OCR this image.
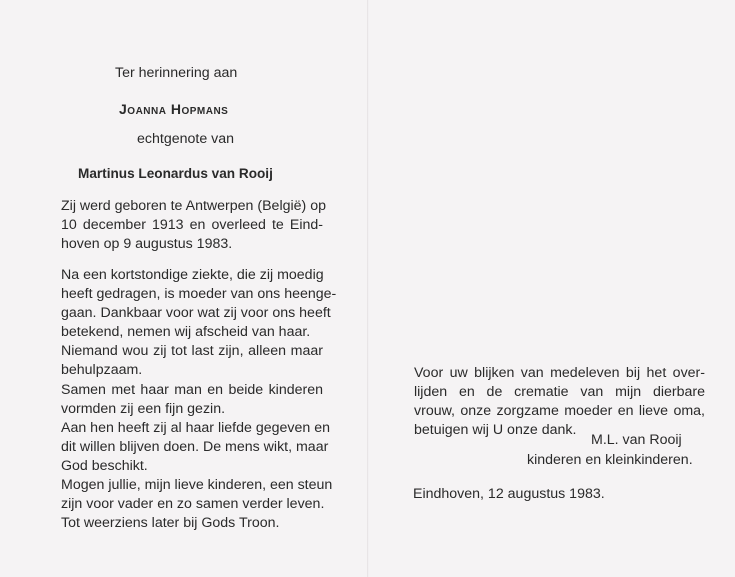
Ter herinnering aan

Joanna Hopmans

echtgenote van

Martinus Leonardus van Rooij

Zij werd geboren te Antwerpen (België) op
10 december 1913 en overleed te Eind-
hoven op 9 augustus 1983.
Na een kortstondige ziekte, die zij moedig
heeft gedragen, is moeder van ons heenge-
gaan. Dankbaar voor wat zij voor ons heeft
betekend, nemen wij afscheid van haar.
Niemand wou zij tot last zijn, alleen maar
behulpzaam.
Samen met haar man en beide kinderen
vormden zij een fijn gezin.
Aan hen heeft zij al haar liefde gegeven en
dit willen blijven doen. De mens wikt, maar
God beschikt.
Mogen jullie, mijn lieve kinderen, een steun
zijn voor vader en zo samen verder leven.
Tot weerziens later bij Gods Troon.
Voor uw blijken van medeleven bij het over-
lijden en de crematie van mijn dierbare
vrouw, onze zorgzame moeder en lieve oma,
betuigen wij U onze dank.

M.L. van Rooij

kinderen en kleinkinderen.

Eindhoven, 12 augustus 1983.
